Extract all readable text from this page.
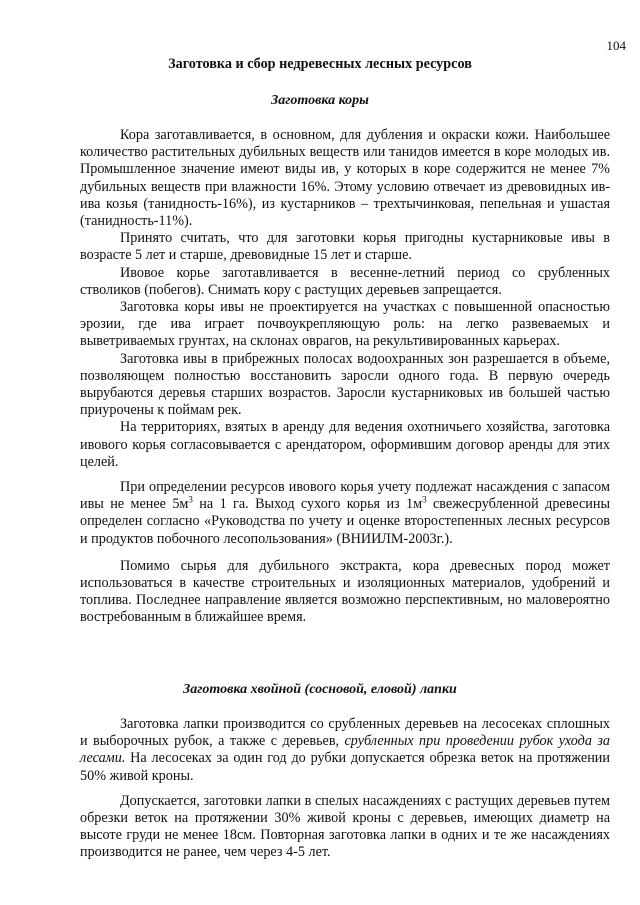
104
Заготовка и сбор недревесных лесных ресурсов
Заготовка коры

Кора заготавливается, в основном, для дубления и окраски кожи. Наибольшее количество растительных дубильных веществ или танидов имеется в коре молодых ив. Промышленное значение имеют виды ив, у которых в коре содержится не менее 7% дубильных веществ при влажности 16%. Этому условию отвечает из древовидных ив- ива козья (танидность-16%), из кустарников – трехтычинковая, пепельная и ушастая (танидность-11%).

Принято считать, что для заготовки корья пригодны кустарниковые ивы в возрасте 5 лет и старше, древовидные 15 лет и старше.

Ивовое корье заготавливается в весенне-летний период со срубленных стволиков (побегов). Снимать кору с растущих деревьев запрещается.

Заготовка коры ивы не проектируется на участках с повышенной опасностью эрозии, где ива играет почвоукрепляющую роль: на легко развеваемых и выветриваемых грунтах, на склонах оврагов, на рекультивированных карьерах.

Заготовка ивы в прибрежных полосах водоохранных зон разрешается в объеме, позволяющем полностью восстановить заросли одного года. В первую очередь вырубаются деревья старших возрастов. Заросли кустарниковых ив большей частью приурочены к поймам рек.

На территориях, взятых в аренду для ведения охотничьего хозяйства, заготовка ивового корья согласовывается с арендатором, оформившим договор аренды для этих целей.

При определении ресурсов ивового корья учету подлежат насаждения с запасом ивы не менее $5м^3$ на 1 га. Выход сухого корья из $1м^3$ свежесрубленной древесины определен согласно «Руководства по учету и оценке второстепенных лесных ресурсов и продуктов побочного лесопользования» (ВНИИЛМ-2003г.).

Помимо сырья для дубильного экстракта, кора древесных пород может использоваться в качестве строительных и изоляционных материалов, удобрений и топлива. Последнее направление является возможно перспективным, но маловероятно востребованным в ближайшее время.

Заготовка хвойной (сосновой, еловой) лапки

Заготовка лапки производится со срубленных деревьев на лесосеках сплошных и выборочных рубок, а также с деревьев, срубленных при проведении рубок ухода за лесами. На лесосеках за один год до рубки допускается обрезка веток на протяжении 50% живой кроны.

Допускается, заготовки лапки в спелых насаждениях с растущих деревьев путем обрезки веток на протяжении 30% живой кроны с деревьев, имеющих диаметр на высоте груди не менее 18см. Повторная заготовка лапки в одних и те же насаждениях производится не ранее, чем через 4-5 лет.
